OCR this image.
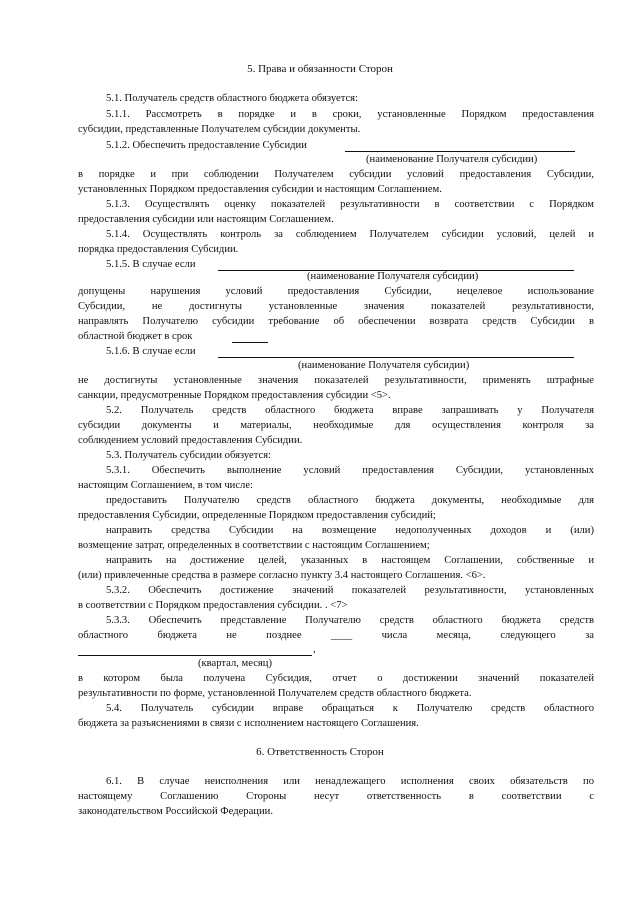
5. Права и обязанности Сторон
5.1. Получатель средств областного бюджета обязуется:
5.1.1. Рассмотреть в порядке и в сроки, установленные Порядком предоставления
субсидии, представленные Получателем субсидии документы.
5.1.2. Обеспечить предоставление Субсидии
(наименование Получателя субсидии)
в порядке и при соблюдении Получателем субсидии условий предоставления Субсидии,
установленных Порядком предоставления субсидии и настоящим Соглашением.
5.1.3. Осуществлять оценку показателей результативности в соответствии с Порядком
предоставления субсидии или настоящим Соглашением.
5.1.4. Осуществлять контроль за соблюдением Получателем субсидии условий, целей и
порядка предоставления Субсидии.
5.1.5. В случае если
(наименование Получателя субсидии)
допущены нарушения условий предоставления Субсидии, нецелевое использование
Субсидии, не достигнуты установленные значения показателей результативности,
направлять Получателю субсидии требование об обеспечении возврата средств Субсидии в
областной бюджет в срок
5.1.6. В случае если
(наименование Получателя субсидии)
не достигнуты установленные значения показателей результативности, применять штрафные
санкции, предусмотренные Порядком предоставления субсидии <5>.
5.2. Получатель средств областного бюджета вправе запрашивать у Получателя
субсидии документы и материалы, необходимые для осуществления контроля за
соблюдением условий предоставления Субсидии.
5.3. Получатель субсидии обязуется:
5.3.1. Обеспечить выполнение условий предоставления Субсидии, установленных
настоящим Соглашением, в том числе:
предоставить Получателю средств областного бюджета документы, необходимые для
предоставления Субсидии, определенные Порядком предоставления субсидий;
направить средства Субсидии на возмещение недополученных доходов и (или)
возмещение затрат, определенных в соответствии с настоящим Соглашением;
направить на достижение целей, указанных в настоящем Соглашении, собственные и
(или) привлеченные средства в размере согласно пункту 3.4 настоящего Соглашения. <6>.
5.3.2. Обеспечить достижение значений показателей результативности, установленных
в соответствии с Порядком предоставления субсидии. . <7>
5.3.3. Обеспечить представление Получателю средств областного бюджета средств
областного бюджета не позднее ____ числа месяца, следующего за
,
(квартал, месяц)
в котором была получена Субсидия, отчет о достижении значений показателей
результативности по форме, установленной Получателем средств областного бюджета.
5.4. Получатель субсидии вправе обращаться к Получателю средств областного
бюджета за разъяснениями в связи с исполнением настоящего Соглашения.
6. Ответственность Сторон
6.1. В случае неисполнения или ненадлежащего исполнения своих обязательств по
настоящему Соглашению Стороны несут ответственность в соответствии с
законодательством Российской Федерации.
